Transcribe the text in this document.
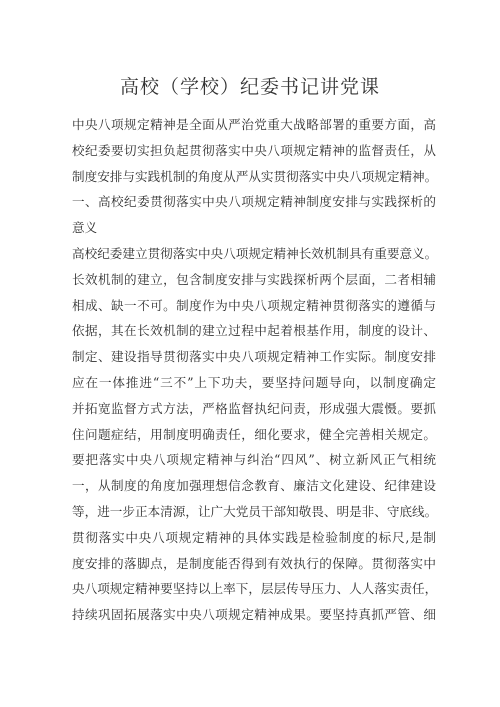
高校（学校）纪委书记讲党课
中央八项规定精神是全面从严治党重大战略部署的重要方面，高
校纪委要切实担负起贯彻落实中央八项规定精神的监督责任，从
制度安排与实践机制的角度从严从实贯彻落实中央八项规定精神。
一、高校纪委贯彻落实中央八项规定精神制度安排与实践探析的
意义
高校纪委建立贯彻落实中央八项规定精神长效机制具有重要意义。
长效机制的建立，包含制度安排与实践探析两个层面，二者相辅
相成、缺一不可。制度作为中央八项规定精神贯彻落实的遵循与
依据，其在长效机制的建立过程中起着根基作用，制度的设计、
制定、建设指导贯彻落实中央八项规定精神工作实际。制度安排
应在一体推进“三不”上下功夫，要坚持问题导向，以制度确定
并拓宽监督方式方法，严格监督执纪问责，形成强大震慑。要抓
住问题症结，用制度明确责任，细化要求，健全完善相关规定。
要把落实中央八项规定精神与纠治“四风”、树立新风正气相统
一，从制度的角度加强理想信念教育、廉洁文化建设、纪律建设
等，进一步正本清源，让广大党员干部知敬畏、明是非、守底线。
贯彻落实中央八项规定精神的具体实践是检验制度的标尺,是制
度安排的落脚点，是制度能否得到有效执行的保障。贯彻落实中
央八项规定精神要坚持以上率下，层层传导压力、人人落实责任，
持续巩固拓展落实中央八项规定精神成果。要坚持真抓严管、细
